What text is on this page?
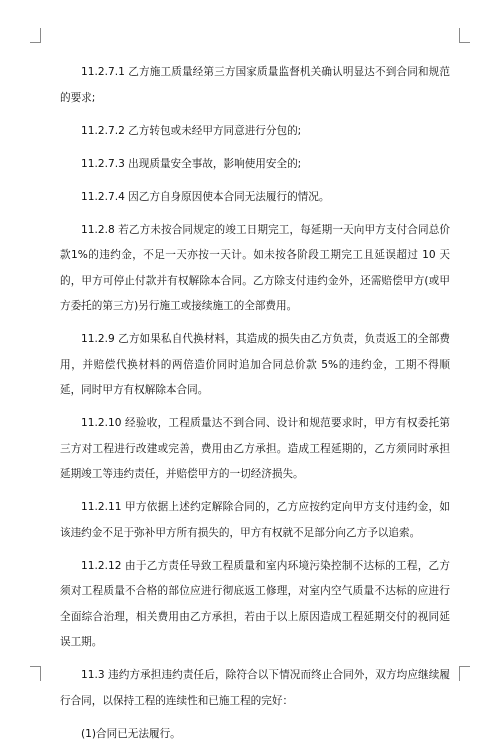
11.2.7.1 乙方施工质量经第三方国家质量监督机关确认明显达不到合同和规范的要求;

11.2.7.2 乙方转包或未经甲方同意进行分包的;

11.2.7.3 出现质量安全事故，影响使用安全的;

11.2.7.4 因乙方自身原因使本合同无法履行的情况。

11.2.8 若乙方未按合同规定的竣工日期完工，每延期一天向甲方支付合同总价款1%的违约金，不足一天亦按一天计。如未按各阶段工期完工且延误超过 10 天的，甲方可停止付款并有权解除本合同。乙方除支付违约金外，还需赔偿甲方(或甲方委托的第三方)另行施工或接续施工的全部费用。

11.2.9 乙方如果私自代换材料，其造成的损失由乙方负责，负责返工的全部费用，并赔偿代换材料的两倍造价同时追加合同总价款 5%的违约金，工期不得顺延，同时甲方有权解除本合同。

11.2.10 经验收，工程质量达不到合同、设计和规范要求时，甲方有权委托第三方对工程进行改建或完善，费用由乙方承担。造成工程延期的，乙方须同时承担延期竣工等违约责任，并赔偿甲方的一切经济损失。

11.2.11 甲方依据上述约定解除合同的，乙方应按约定向甲方支付违约金，如该违约金不足于弥补甲方所有损失的，甲方有权就不足部分向乙方予以追索。

11.2.12 由于乙方责任导致工程质量和室内环境污染控制不达标的工程，乙方须对工程质量不合格的部位应进行彻底返工修理，对室内空气质量不达标的应进行全面综合治理，相关费用由乙方承担，若由于以上原因造成工程延期交付的视同延误工期。

11.3 违约方承担违约责任后，除符合以下情况而终止合同外，双方均应继续履行合同，以保持工程的连续性和已施工程的完好：

(1)合同已无法履行。
